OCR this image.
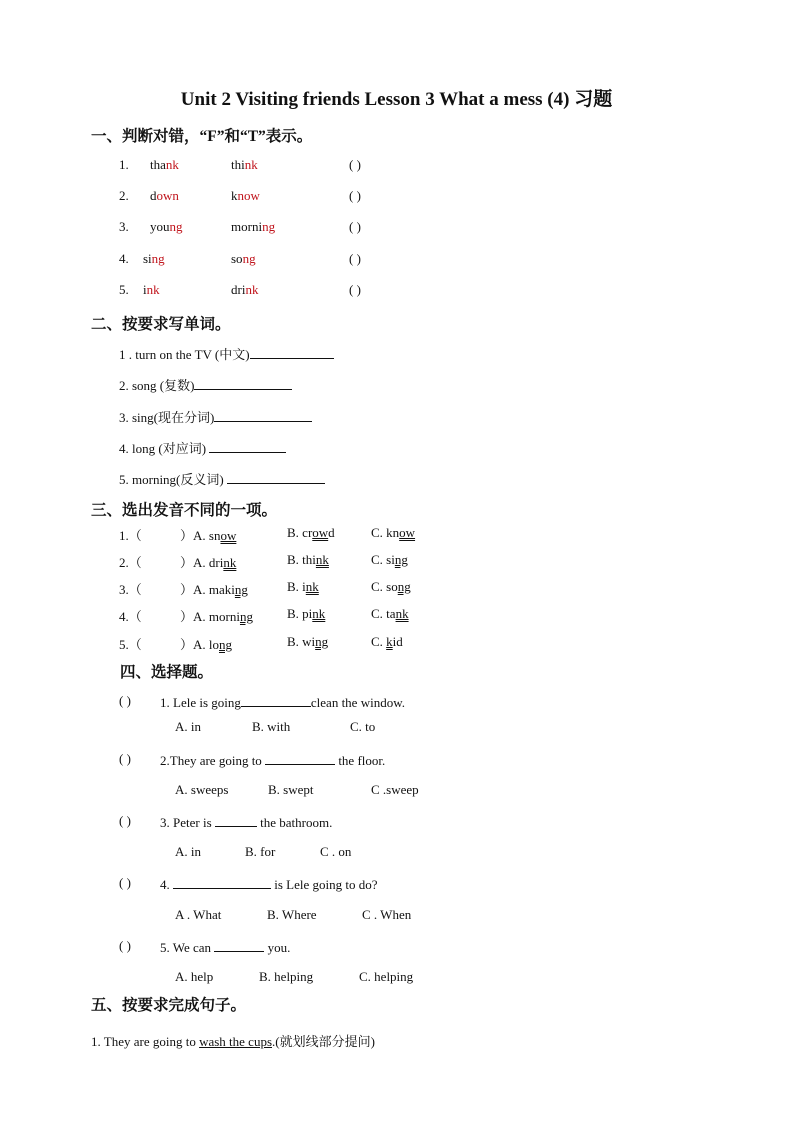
Unit 2 Visiting friends Lesson 3 What a mess (4) 习题
一、判断对错，“F”和“T”表示。
1. thank	think	( )
2. down	know	( )
3. young	morning	( )
4. sing	song	( )
5. ink	drink	( )
二、按要求写单词。
1 . turn on the TV (中文)
2. song (复数)
3. sing(现在分词)
4. long (对应词)
5. morning(反义词)
三、选出发音不同的一项。
1.（	）A. snow	B. crowd	C. know
2.（	）A. drink	B. think	C. sing
3.（	）A. making	B. ink	C. song
4.（	）A. morning	B. pink	C. tank
5.（	）A. long	B. wing	C. kid
四、选择题。
( ) 1. Lele is going	clean the window.
A. in	B. with	C. to
( ) 2.They are going to	the floor.
A. sweeps	B. swept	C .sweep
( ) 3. Peter is	the bathroom.
A. in	B. for	C . on
( ) 4.	is Lele going to do?
A . What	B. Where	C . When
( ) 5. We can	you.
A. help	B. helping	C. helping
五、按要求完成句子。
1. They are going to wash the cups.(就划线部分提问)
